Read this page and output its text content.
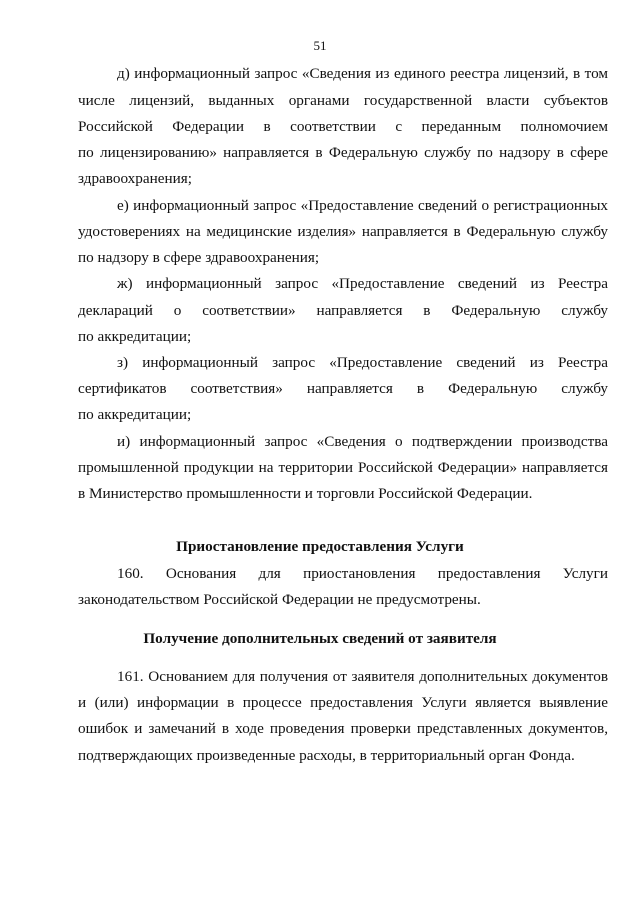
51
д) информационный запрос «Сведения из единого реестра лицензий, в том
числе лицензий, выданных органами государственной власти субъектов
Российской Федерации в соответствии с переданным полномочием
по лицензированию» направляется в Федеральную службу по надзору в сфере
здравоохранения;
е) информационный запрос «Предоставление сведений о регистрационных
удостоверениях на медицинские изделия» направляется в Федеральную службу
по надзору в сфере здравоохранения;
ж) информационный запрос «Предоставление сведений из Реестра
деклараций о соответствии» направляется в Федеральную службу
по аккредитации;
з) информационный запрос «Предоставление сведений из Реестра
сертификатов соответствия» направляется в Федеральную службу
по аккредитации;
и) информационный запрос «Сведения о подтверждении производства
промышленной продукции на территории Российской Федерации» направляется
в Министерство промышленности и торговли Российской Федерации.
Приостановление предоставления Услуги
160. Основания для приостановления предоставления Услуги
законодательством Российской Федерации не предусмотрены.
Получение дополнительных сведений от заявителя
161. Основанием для получения от заявителя дополнительных документов
и (или) информации в процессе предоставления Услуги является выявление
ошибок и замечаний в ходе проведения проверки представленных документов,
подтверждающих произведенные расходы, в территориальный орган Фонда.
